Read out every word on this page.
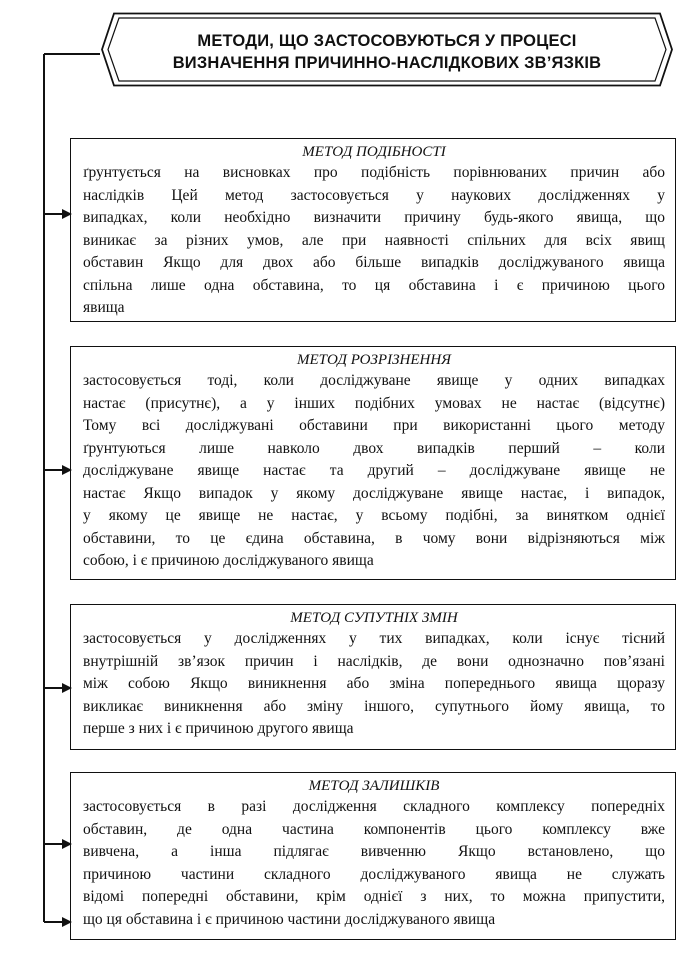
МЕТОДИ, ЩО ЗАСТОСОВУЮТЬСЯ У ПРОЦЕСІ
ВИЗНАЧЕННЯ ПРИЧИННО-НАСЛІДКОВИХ ЗВ’ЯЗКІВ
МЕТОД ПОДІБНОСТІ
ґрунтується на висновках про подібність порівнюваних причин або
наслідків Цей метод застосовується у наукових дослідженнях у
випадках, коли необхідно визначити причину будь-якого явища, що
виникає за різних умов, але при наявності спільних для всіх явищ
обставин Якщо для двох або більше випадків досліджуваного явища
спільна лише одна обставина, то ця обставина і є причиною цього
явища
МЕТОД РОЗРІЗНЕННЯ
застосовується тоді, коли досліджуване явище у одних випадках
настає (присутнє), а у інших подібних умовах не настає (відсутнє)
Тому всі досліджувані обставини при використанні цього методу
ґрунтуються лише навколо двох випадків перший – коли
досліджуване явище настає та другий – досліджуване явище не
настає Якщо випадок у якому досліджуване явище настає, і випадок,
у якому це явище не настає, у всьому подібні, за винятком однієї
обставини, то це єдина обставина, в чому вони відрізняються між
собою, і є причиною досліджуваного явища
МЕТОД СУПУТНІХ ЗМІН
застосовується у дослідженнях у тих випадках, коли існує тісний
внутрішній зв’язок причин і наслідків, де вони однозначно пов’язані
між собою Якщо виникнення або зміна попереднього явища щоразу
викликає виникнення або зміну іншого, супутнього йому явища, то
перше з них і є причиною другого явища
МЕТОД ЗАЛИШКІВ
застосовується в разі дослідження складного комплексу попередніх
обставин, де одна частина компонентів цього комплексу вже
вивчена, а інша підлягає вивченню Якщо встановлено, що
причиною частини складного досліджуваного явища не служать
відомі попередні обставини, крім однієї з них, то можна припустити,
що ця обставина і є причиною частини досліджуваного явища
